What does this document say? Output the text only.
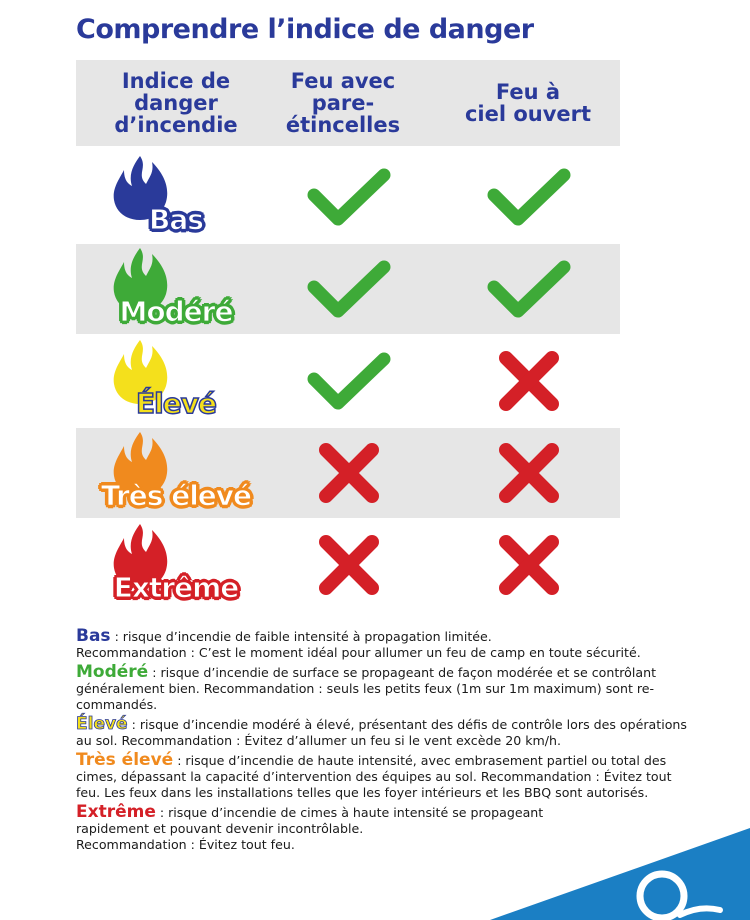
Comprendre l’indice de danger
Indice de
danger
d’incendie
Feu avec
pare-
étincelles
Feu à
ciel ouvert
Bas
Modéré
Élevé
Très élevé
Extrême
Bas : risque d’incendie de faible intensité à propagation limitée.
Recommandation : C’est le moment idéal pour allumer un feu de camp en toute sécurité.
Modéré : risque d’incendie de surface se propageant de façon modérée et se contrôlant généralement bien. Recommandation : seuls les petits feux (1m sur 1m maximum) sont re-commandés.
Élevé : risque d’incendie modéré à élevé, présentant des défis de contrôle lors des opérations au sol. Recommandation : Évitez d’allumer un feu si le vent excède 20 km/h.
Très élevé : risque d’incendie de haute intensité, avec embrasement partiel ou total des cimes, dépassant la capacité d’intervention des équipes au sol. Recommandation : Évitez tout feu. Les feux dans les installations telles que les foyer intérieurs et les BBQ sont autorisés.
Extrême : risque d’incendie de cimes à haute intensité se propageant
rapidement et pouvant devenir incontrôlable.
Recommandation : Évitez tout feu.
